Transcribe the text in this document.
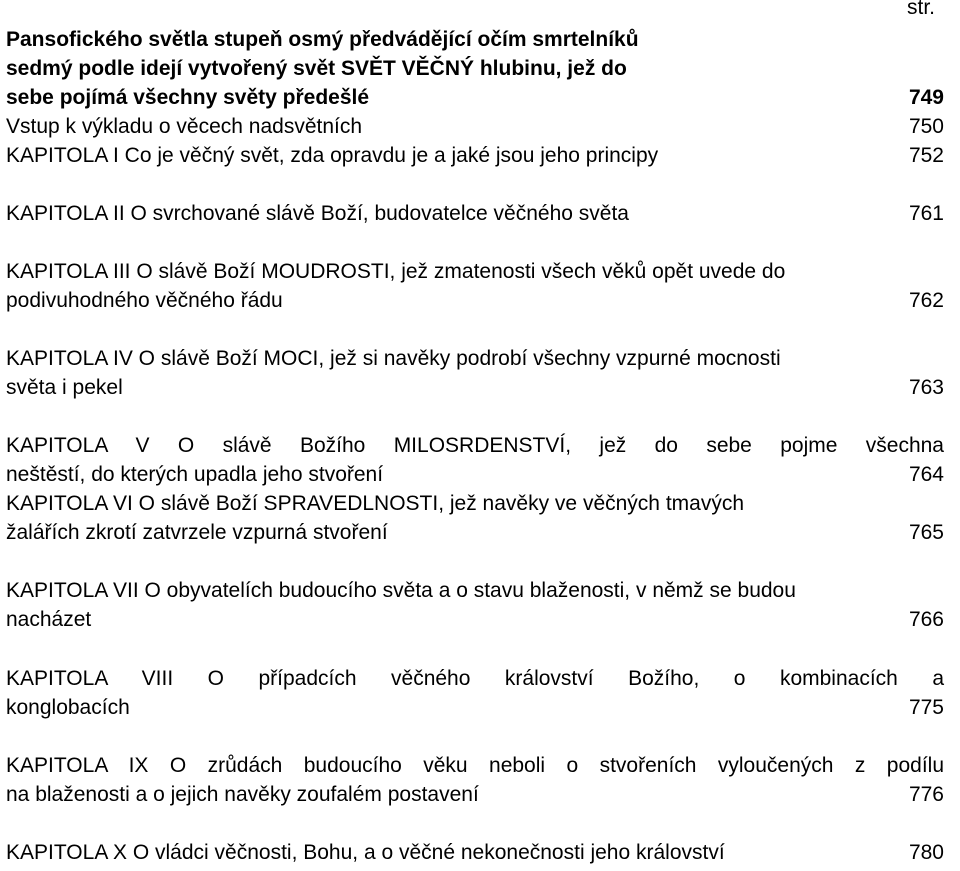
str.
Pansofického světla stupeň osmý předvádějící očím smrtelníků
sedmý podle idejí vytvořený svět SVĚT VĚČNÝ hlubinu, jež do
sebe pojímá všechny světy předešlé	749
Vstup k výkladu o věcech nadsvětních	750
KAPITOLA I Co je věčný svět, zda opravdu je a jaké jsou jeho principy	752
KAPITOLA II O svrchované slávě Boží, budovatelce věčného světa	761
KAPITOLA III O slávě Boží MOUDROSTI, jež zmatenosti všech věků opět uvede do
podivuhodného věčného řádu	762
KAPITOLA IV O slávě Boží MOCI, jež si navěky podrobí všechny vzpurné mocnosti
světa i pekel	763
KAPITOLA V O slávě Božího MILOSRDENSTVÍ, jež do sebe pojme všechna
neštěstí, do kterých upadla jeho stvoření	764
KAPITOLA VI O slávě Boží SPRAVEDLNOSTI, jež navěky ve věčných tmavých
žalářích zkrotí zatvrzele vzpurná stvoření	765
KAPITOLA VII O obyvatelích budoucího světa a o stavu blaženosti, v němž se budou
nacházet	766
KAPITOLA VIII O případcích věčného království Božího, o kombinacích a
konglobacích	775
KAPITOLA IX O zrůdách budoucího věku neboli o stvořeních vyloučených z podílu
na blaženosti a o jejich navěky zoufalém postavení	776
KAPITOLA X O vládci věčnosti, Bohu, a o věčné nekonečnosti jeho království	780
